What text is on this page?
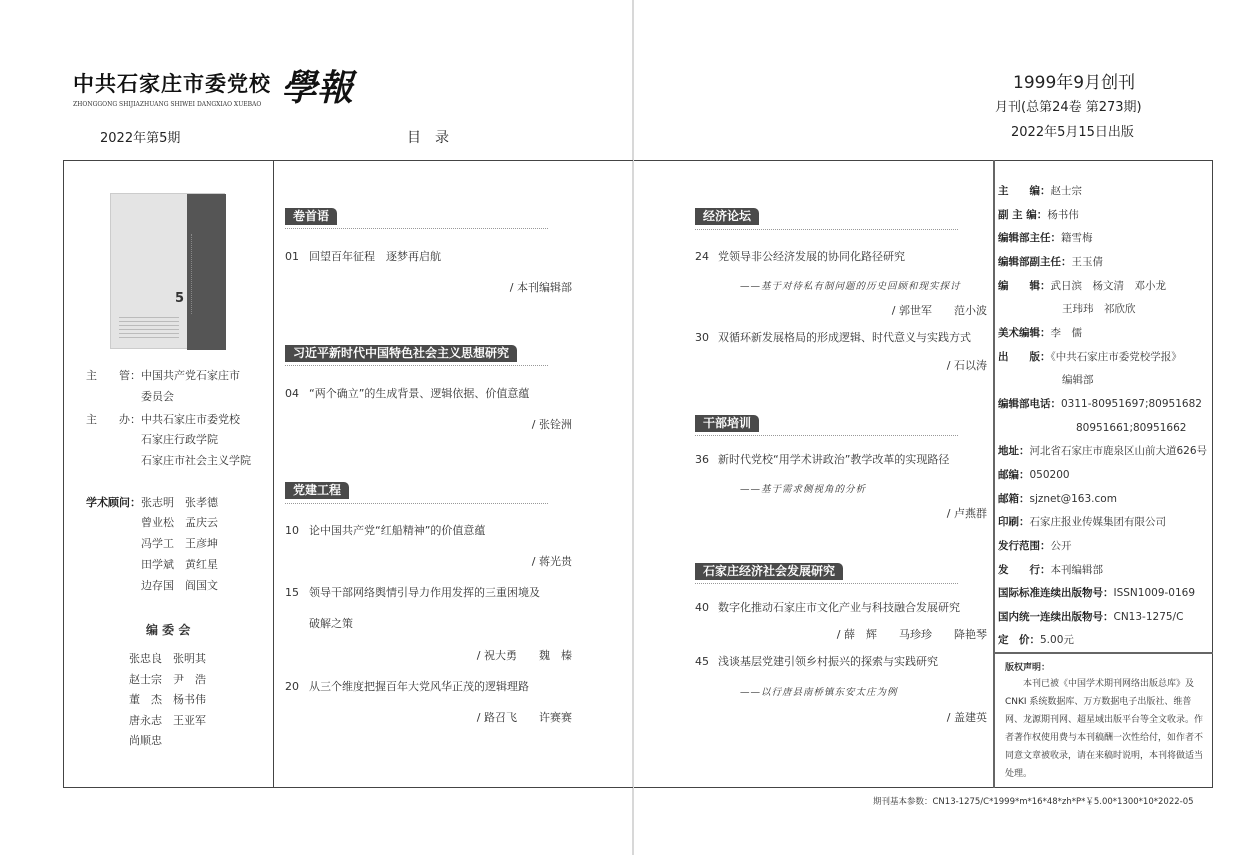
中共石家庄市委党校 學報
ZHONGGONG SHIJIAZHUANG SHIWEI DANGXIAO XUEBAO
2022年第5期	目　录
1999年9月创刊
月刊(总第24卷 第273期)
2022年5月15日出版
5
主　　管： 中国共产党石家庄市
委员会
主　　办： 中共石家庄市委党校
石家庄行政学院
石家庄市社会主义学院
学术顾问： 张志明　张孝德
曾业松　孟庆云
冯学工　王彦坤
田学斌　黄红星
边存国　阎国文
编 委 会
张忠良　张明其
赵士宗　尹　浩
董　杰　杨书伟
唐永志　王亚军
尚顺忠
卷首语
01 回望百年征程　逐梦再启航
/ 本刊编辑部
习近平新时代中国特色社会主义思想研究
04 “两个确立”的生成背景、逻辑依据、价值意蕴
/ 张铨洲
党建工程
10 论中国共产党“红船精神”的价值意蕴
/ 蒋光贵
15 领导干部网络舆情引导力作用发挥的三重困境及
破解之策
/ 祝大勇　　魏　榛
20 从三个维度把握百年大党风华正茂的逻辑理路
/ 路召飞　　许赛赛
经济论坛
24 党领导非公经济发展的协同化路径研究
——基于对待私有制问题的历史回顾和现实探讨
/ 郭世军　　范小波
30 双循环新发展格局的形成逻辑、时代意义与实践方式
/ 石以涛
干部培训
36 新时代党校“用学术讲政治”教学改革的实现路径
——基于需求侧视角的分析
/ 卢燕群
石家庄经济社会发展研究
40 数字化推动石家庄市文化产业与科技融合发展研究
/ 薛　辉　　马珍珍　　降艳琴
45 浅谈基层党建引领乡村振兴的探索与实践研究
——以行唐县南桥镇东安太庄为例
/ 盖建英
主　　编：赵士宗
副 主 编：杨书伟
编辑部主任：籍雪梅
编辑部副主任：王玉倩
编　　辑：武日滨　杨文清　邓小龙
王玮玮　祁欣欣
美术编辑：李　儒
出　　版：《中共石家庄市委党校学报》
编辑部
编辑部电话：0311-80951697;80951682
80951661;80951662
地址：河北省石家庄市鹿泉区山前大道626号
邮编：050200
邮箱：sjznet@163.com
印刷：石家庄报业传媒集团有限公司
发行范围：公开
发　　行：本刊编辑部
国际标准连续出版物号：ISSN1009-0169
国内统一连续出版物号：CN13-1275/C
定　价：5.00元
版权声明：
本刊已被《中国学术期刊网络出版总库》及 CNKI 系统数据库、万方数据电子出版社、维普网、龙源期刊网、超星域出版平台等全文收录。作者著作权使用费与本刊稿酬一次性给付，如作者不同意文章被收录，请在来稿时说明，本刊将做适当处理。
期刊基本参数：CN13-1275/C*1999*m*16*48*zh*P*￥5.00*1300*10*2022-05
